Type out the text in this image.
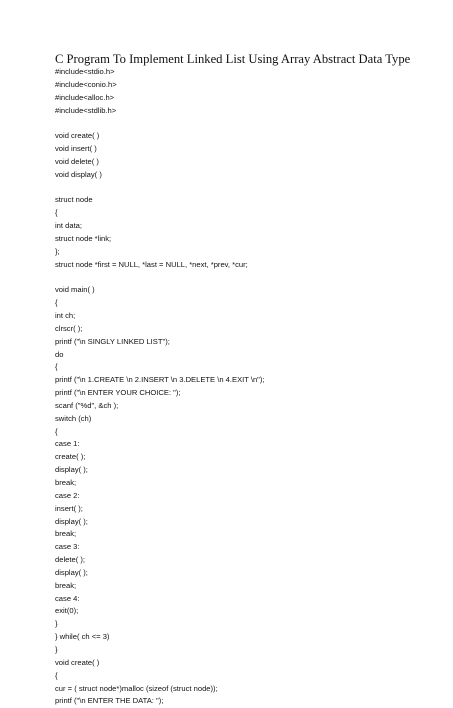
C Program To Implement Linked List Using Array Abstract Data Type
#include<stdio.h>
#include<conio.h>
#include<alloc.h>
#include<stdlib.h>
void create( )
void insert( )
void delete( )
void display( )
struct node
{
int data;
struct node *link;
};
struct node *first = NULL, *last = NULL, *next, *prev, *cur;
void main( )
{
int ch;
clrscr( );
printf ("\n SINGLY LINKED LIST");
do
{
printf ("\n 1.CREATE \n 2.INSERT \n 3.DELETE \n 4.EXIT \n");
printf ("\n ENTER YOUR CHOICE: ");
scanf ("%d", &ch );
switch (ch)
{
case 1:
create( );
display( );
break;
case 2:
insert( );
display( );
break;
case 3:
delete( );
display( );
break;
case 4:
exit(0);
}
} while( ch <= 3)
}
void create( )
{
cur = ( struct node*)malloc (sizeof (struct node));
printf ("\n ENTER THE DATA: ");
